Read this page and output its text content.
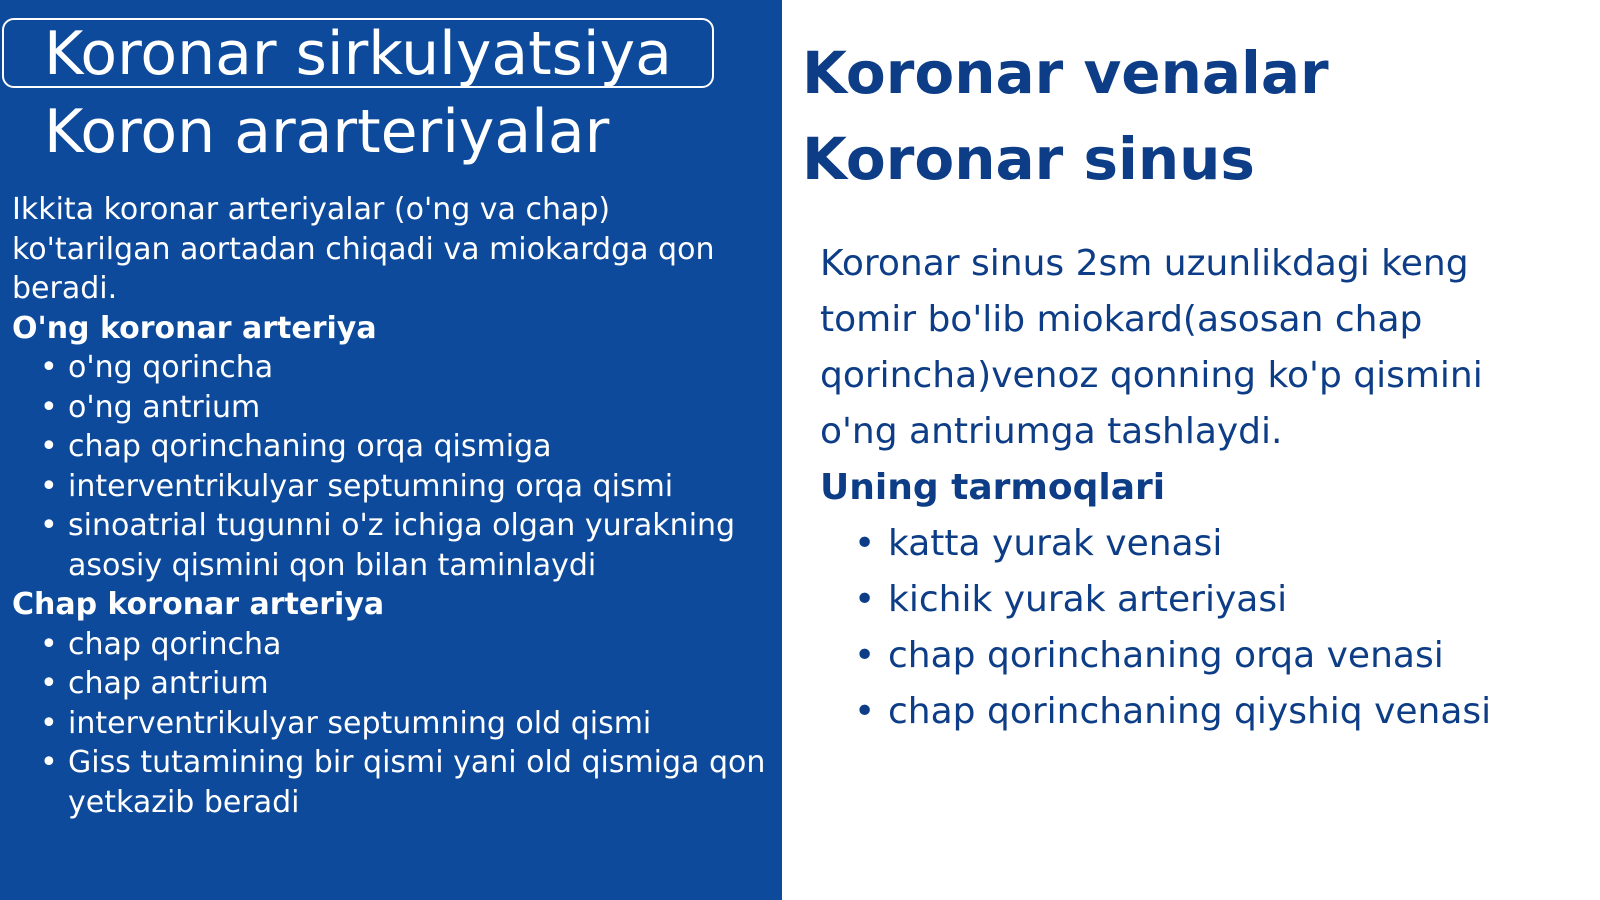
Koronar sirkulyatsiya
Koron ararteriyalar

Ikkita koronar arteriyalar (o'ng va chap) ko'tarilgan aortadan chiqadi va miokardga qon beradi.

O'ng koronar arteriya

• o'ng qorincha
• o'ng antrium
• chap qorinchaning orqa qismiga
• interventrikulyar septumning orqa qismi
• sinoatrial tugunni o'z ichiga olgan yurakning asosiy qismini qon bilan taminlaydi

Chap koronar arteriya

• chap qorincha
• chap antrium
• interventrikulyar septumning old qismi
• Giss tutamining bir qismi yani old qismiga qon yetkazib beradi
Koronar venalar
Koronar sinus

Koronar sinus 2sm uzunlikdagi keng tomir bo'lib miokard(asosan chap qorincha)venoz qonning ko'p qismini o'ng antriumga tashlaydi.

Uning tarmoqlari

• katta yurak venasi
• kichik yurak arteriyasi
• chap qorinchaning orqa venasi
• chap qorinchaning qiyshiq venasi
